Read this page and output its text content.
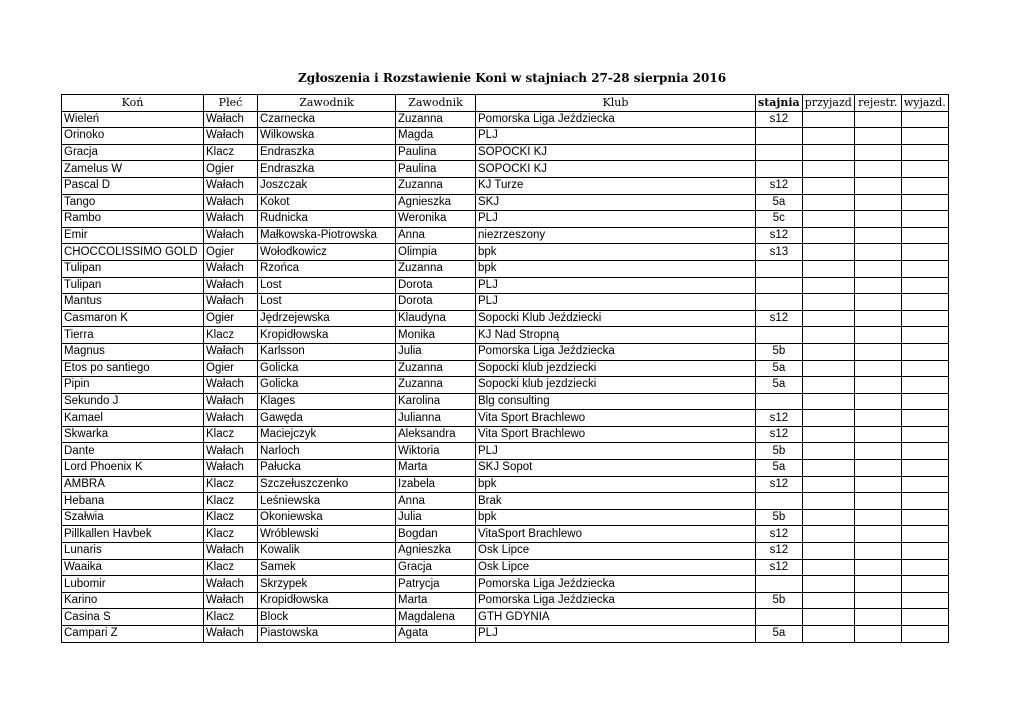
Zgłoszenia i Rozstawienie Koni w stajniach 27-28 sierpnia 2016
Koń	Płeć	Zawodnik	Zawodnik	Klub	stajnia	przyjazd	rejestr.	wyjazd.
Wieleń	Wałach	Czarnecka	Zuzanna	Pomorska Liga Jeździecka	s12			
Orinoko	Wałach	Wilkowska	Magda	PLJ				
Gracja	Klacz	Endraszka	Paulina	SOPOCKI KJ				
Zamelus W	Ogier	Endraszka	Paulina	SOPOCKI KJ				
Pascal D	Wałach	Joszczak	Zuzanna	KJ Turze	s12			
Tango	Wałach	Kokot	Agnieszka	SKJ	5a			
Rambo	Wałach	Rudnicka	Weronika	PLJ	5c			
Emir	Wałach	Małkowska-Piotrowska	Anna	niezrzeszony	s12			
CHOCCOLISSIMO GOLD	Ogier	Wołodkowicz	Olimpia	bpk	s13			
Tulipan	Wałach	Rzońca	Zuzanna	bpk				
Tulipan	Wałach	Lost	Dorota	PLJ				
Mantus	Wałach	Lost	Dorota	PLJ				
Casmaron K	Ogier	Jędrzejewska	Klaudyna	Sopocki Klub Jeździecki	s12			
Tierra	Klacz	Kropidłowska	Monika	KJ Nad Stropną				
Magnus	Wałach	Karlsson	Julia	Pomorska Liga Jeździecka	5b			
Etos po santiego	Ogier	Golicka	Zuzanna	Sopocki klub jezdziecki	5a			
Pipin	Wałach	Golicka	Zuzanna	Sopocki klub jezdziecki	5a			
Sekundo J	Wałach	Klages	Karolina	Blg consulting				
Kamael	Wałach	Gawęda	Julianna	Vita Sport Brachlewo	s12			
Skwarka	Klacz	Maciejczyk	Aleksandra	Vita Sport Brachlewo	s12			
Dante	Wałach	Narloch	Wiktoria	PLJ	5b			
Lord Phoenix K	Wałach	Pałucka	Marta	SKJ Sopot	5a			
AMBRA	Klacz	Szczełuszczenko	Izabela	bpk	s12			
Hebana	Klacz	Leśniewska	Anna	Brak				
Szałwia	Klacz	Okoniewska	Julia	bpk	5b			
Pillkallen Havbek	Klacz	Wróblewski	Bogdan	VitaSport Brachlewo	s12			
Lunaris	Wałach	Kowalik	Agnieszka	Osk Lipce	s12			
Waaika	Klacz	Samek	Gracja	Osk Lipce	s12			
Lubomir	Wałach	Skrzypek	Patrycja	Pomorska Liga Jeździecka				
Karino	Wałach	Kropidłowska	Marta	Pomorska Liga Jeździecka	5b			
Casina S	Klacz	Block	Magdalena	GTH GDYNIA				
Campari Z	Wałach	Piastowska	Agata	PLJ	5a			
